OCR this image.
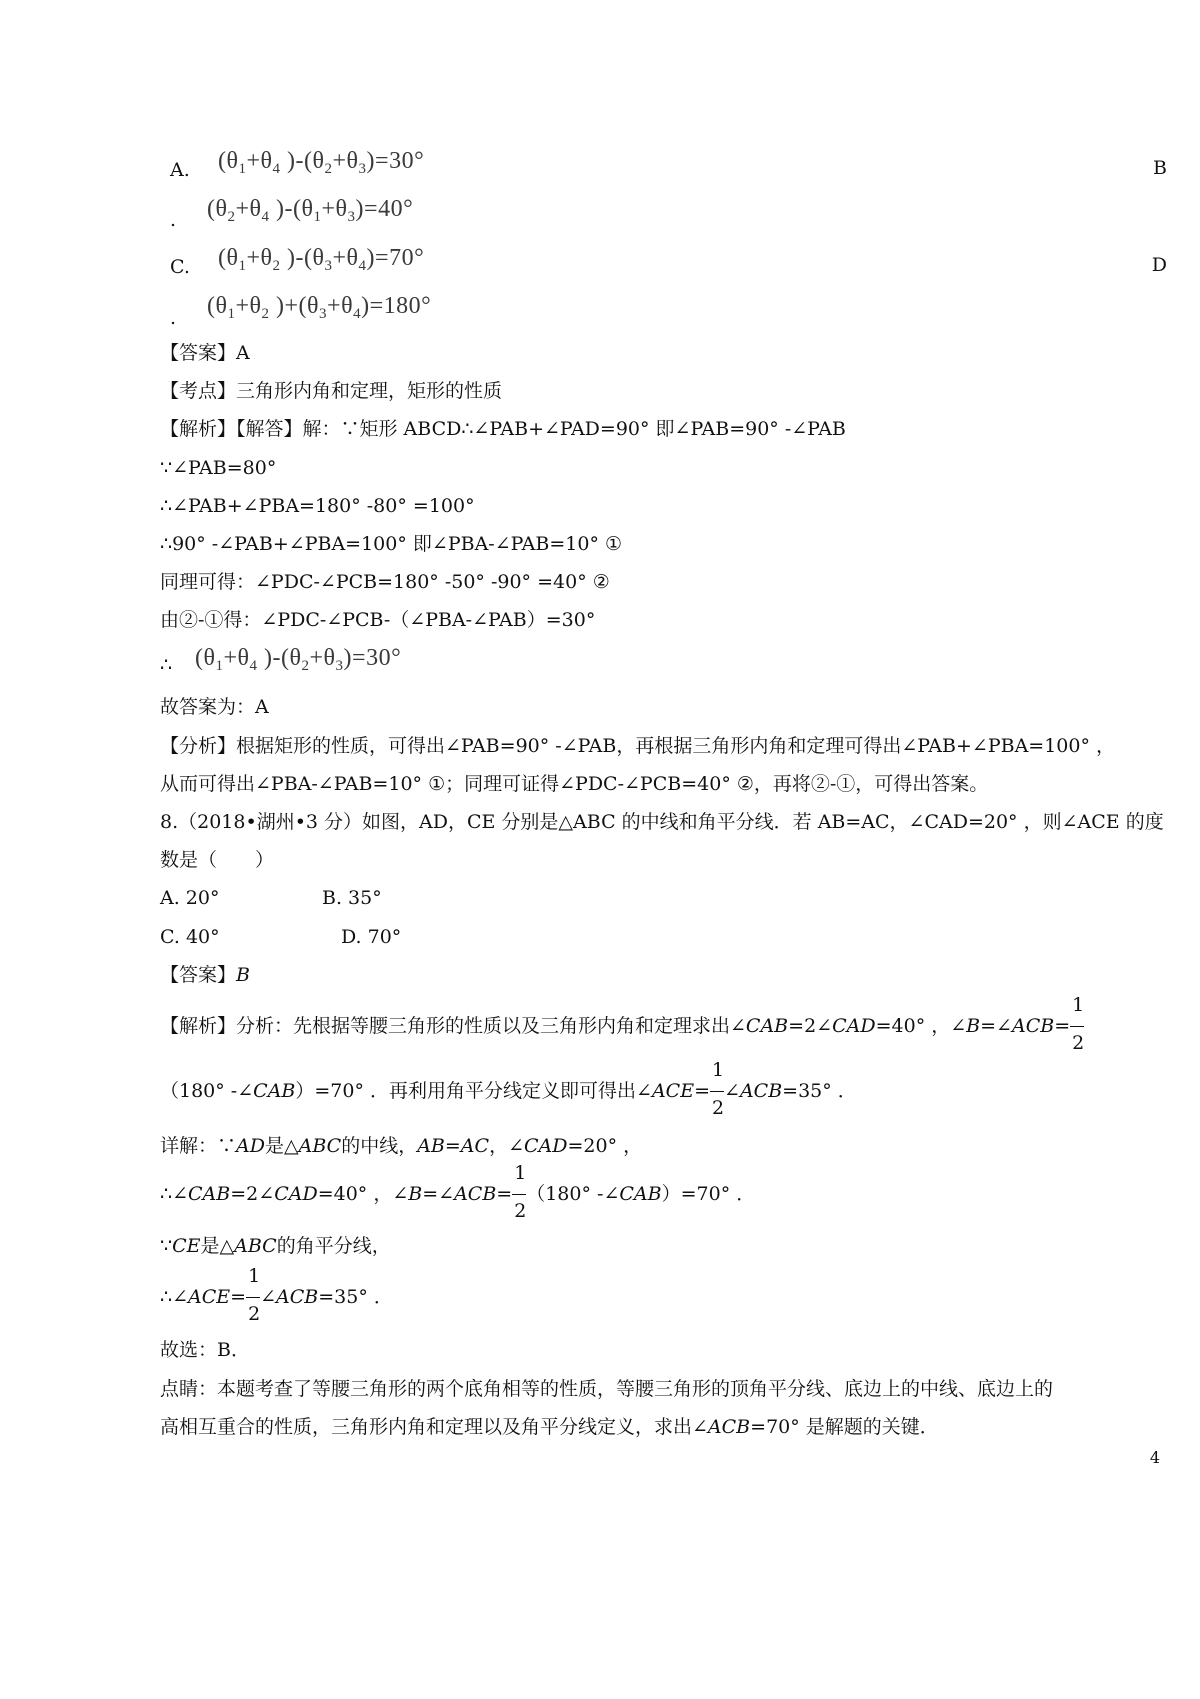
A. ($\theta_1+\theta_4$ )$-(\theta_2+\theta_3)=30^\circ$	B
. ($\theta_2+\theta_4$ )$-(\theta_1+\theta_3)=40^\circ$
C. ($\theta_1+\theta_2$ )$-(\theta_3+\theta_4)=70^\circ$	D
. ($\theta_1+\theta_2$ )$+(\theta_3+\theta_4)=180^\circ$
【答案】A
【考点】三角形内角和定理，矩形的性质
【解析】【解答】解：∵矩形 ABCD∴∠PAB+∠PAD=90° 即∠PAB=90° -∠PAB
∵∠PAB=80°
∴∠PAB+∠PBA=180° -80° =100°
∴90° -∠PAB+∠PBA=100° 即∠PBA-∠PAB=10° ①
同理可得：∠PDC-∠PCB=180° -50° -90° =40° ②
由②-①得：∠PDC-∠PCB-（∠PBA-∠PAB）=30°
∴ ($\theta_1+\theta_4$ )$-(\theta_2+\theta_3)=30^\circ$
故答案为：A
【分析】根据矩形的性质，可得出∠PAB=90° -∠PAB，再根据三角形内角和定理可得出∠PAB+∠PBA=100° ，
从而可得出∠PBA-∠PAB=10° ①；同理可证得∠PDC-∠PCB=40° ②，再将②-①，可得出答案。
8.（2018•湖州•3 分）如图，AD，CE 分别是△ABC 的中线和角平分线．若 AB=AC，∠CAD=20° ，则∠ACE 的度
数是（　　）
A. 20°	B. 35°
C. 40°	D. 70°
【答案】B
【解析】分析：先根据等腰三角形的性质以及三角形内角和定理求出∠CAB=2∠CAD=40° ，∠B=∠ACB= $\frac{1}{2}$
（180° -∠CAB）=70° ．再利用角平分线定义即可得出∠ACE= $\frac{1}{2}$ ∠ACB=35° ．
详解：∵AD是△ABC的中线，AB=AC，∠CAD=20° ，
∴∠CAB=2∠CAD=40° ，∠B=∠ACB= $\frac{1}{2} (180^\circ$ -∠CAB）=70° ．
∵CE是△ABC的角平分线，
∴∠ACE= $\frac{1}{2}$ ∠ACB=35° ．
故选：B．
点睛：本题考查了等腰三角形的两个底角相等的性质，等腰三角形的顶角平分线、底边上的中线、底边上的
高相互重合的性质，三角形内角和定理以及角平分线定义，求出∠ACB=70° 是解题的关键．
4
